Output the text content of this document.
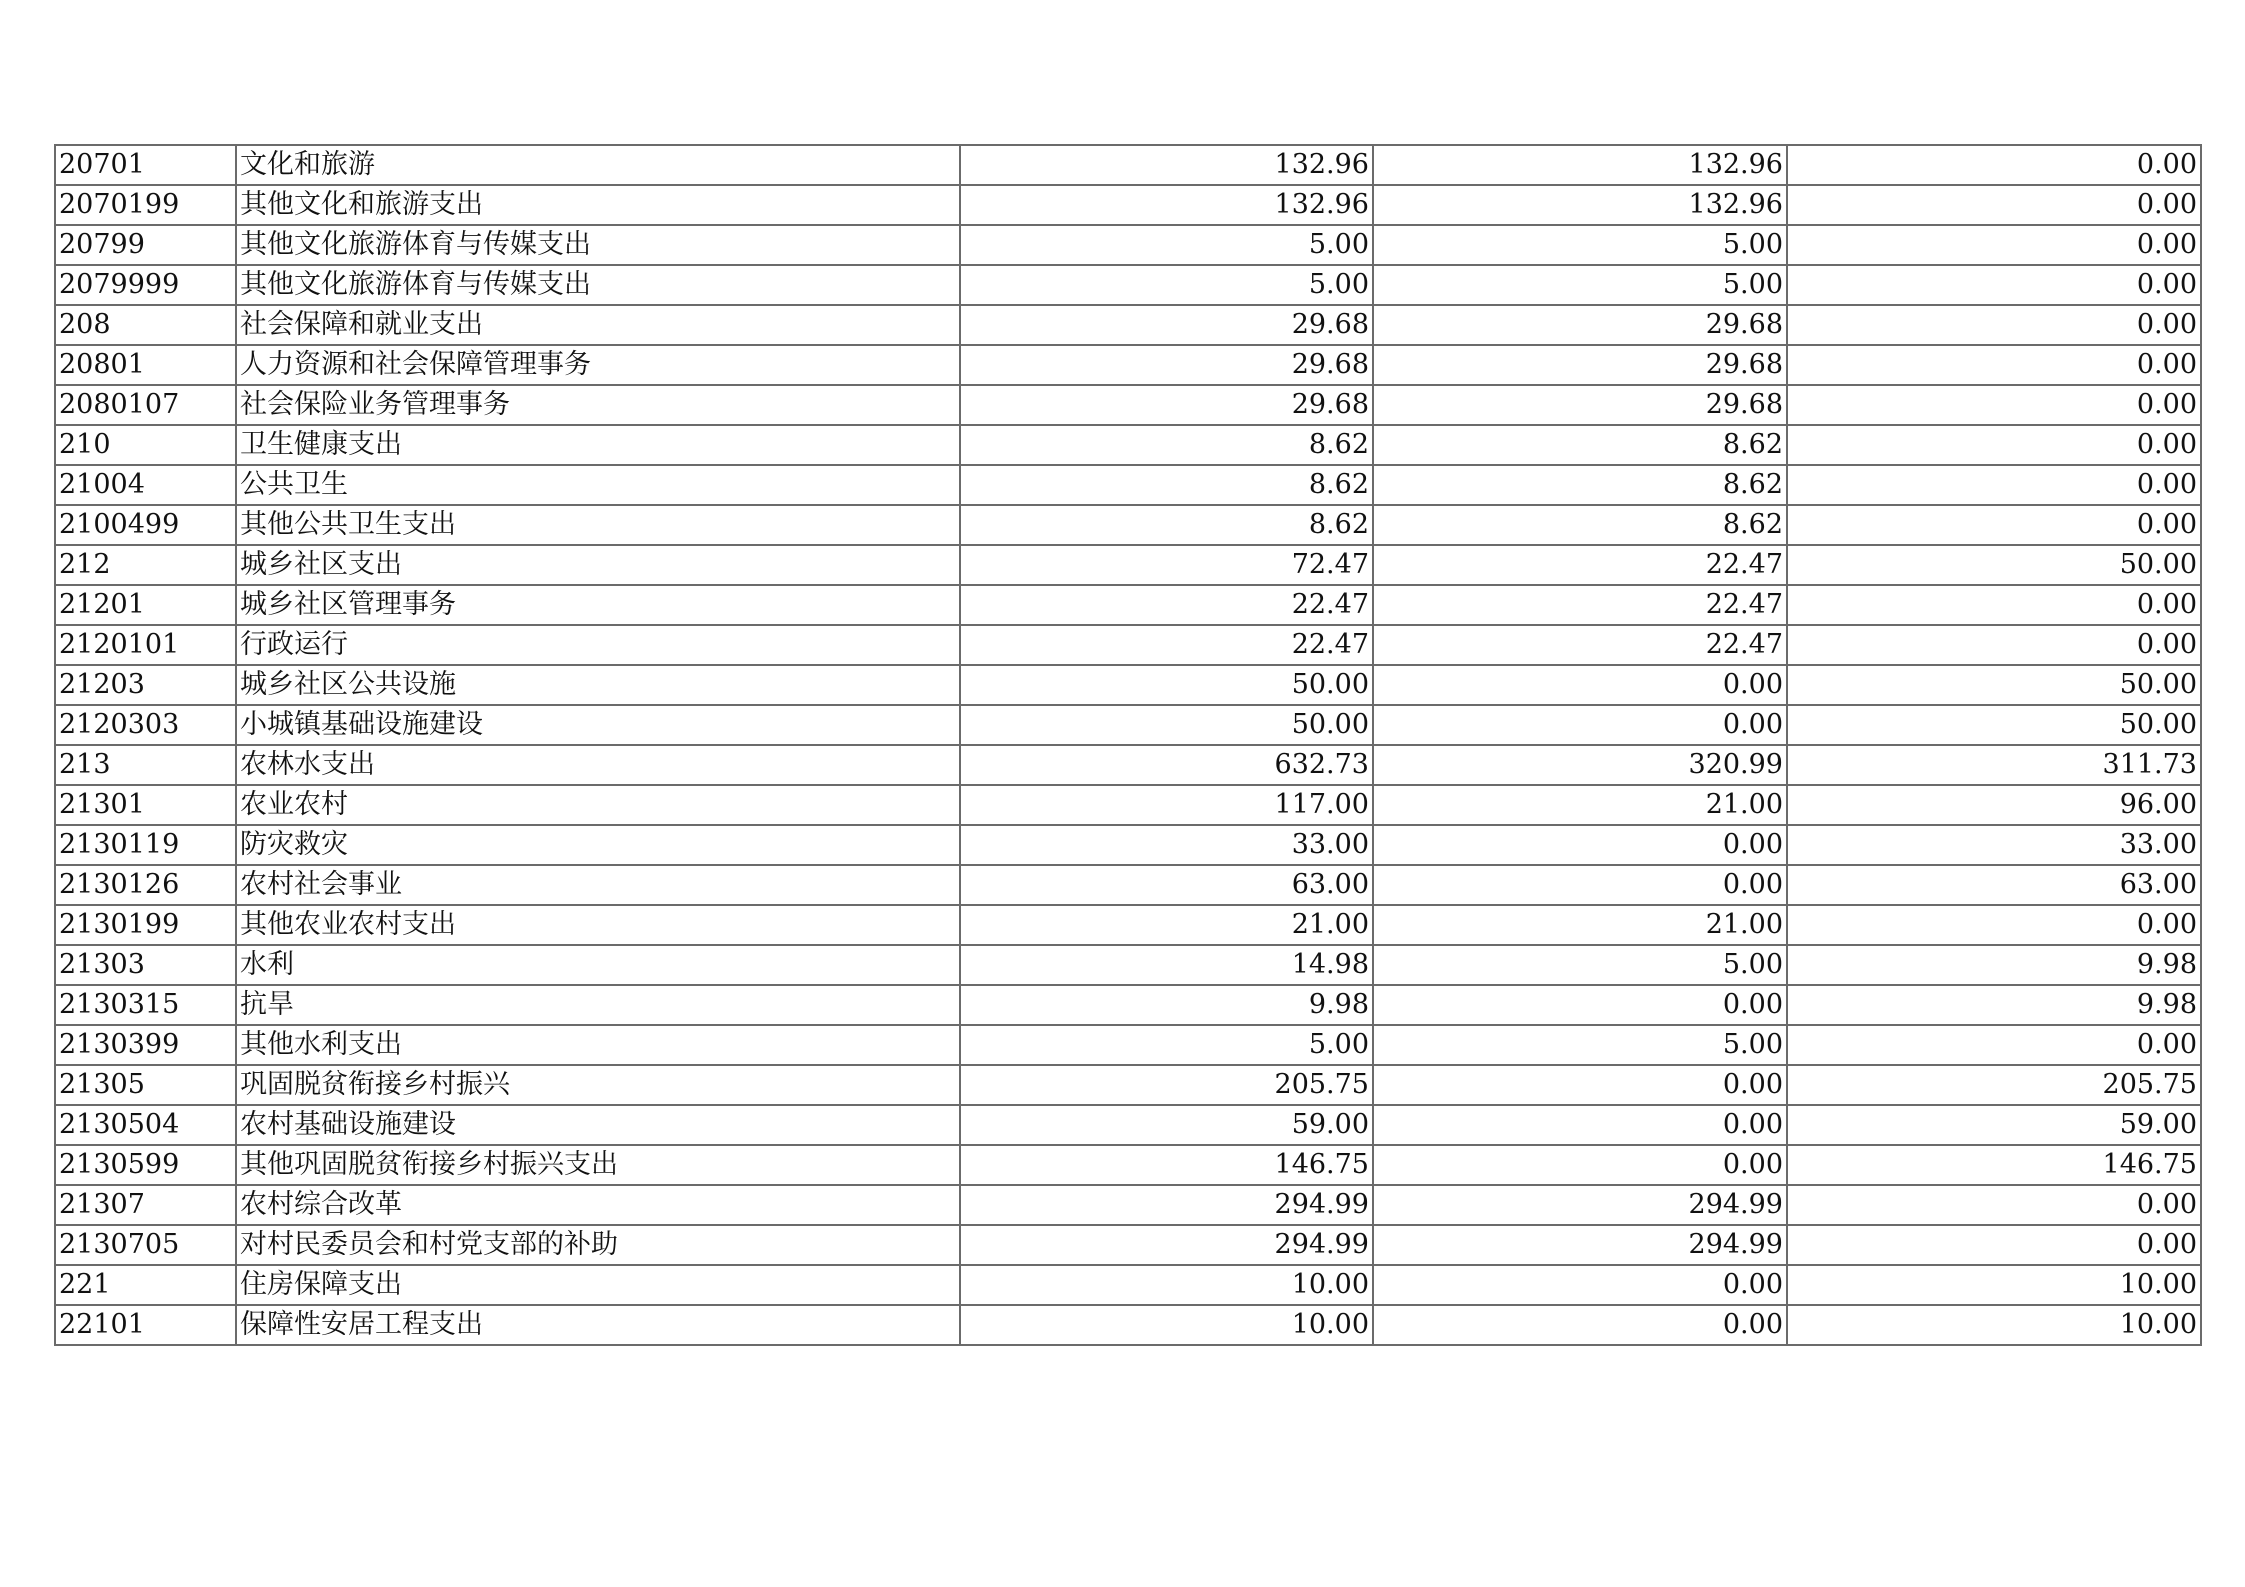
20701	文化和旅游	132.96	132.96	0.00
2070199	其他文化和旅游支出	132.96	132.96	0.00
20799	其他文化旅游体育与传媒支出	5.00	5.00	0.00
2079999	其他文化旅游体育与传媒支出	5.00	5.00	0.00
208	社会保障和就业支出	29.68	29.68	0.00
20801	人力资源和社会保障管理事务	29.68	29.68	0.00
2080107	社会保险业务管理事务	29.68	29.68	0.00
210	卫生健康支出	8.62	8.62	0.00
21004	公共卫生	8.62	8.62	0.00
2100499	其他公共卫生支出	8.62	8.62	0.00
212	城乡社区支出	72.47	22.47	50.00
21201	城乡社区管理事务	22.47	22.47	0.00
2120101	行政运行	22.47	22.47	0.00
21203	城乡社区公共设施	50.00	0.00	50.00
2120303	小城镇基础设施建设	50.00	0.00	50.00
213	农林水支出	632.73	320.99	311.73
21301	农业农村	117.00	21.00	96.00
2130119	防灾救灾	33.00	0.00	33.00
2130126	农村社会事业	63.00	0.00	63.00
2130199	其他农业农村支出	21.00	21.00	0.00
21303	水利	14.98	5.00	9.98
2130315	抗旱	9.98	0.00	9.98
2130399	其他水利支出	5.00	5.00	0.00
21305	巩固脱贫衔接乡村振兴	205.75	0.00	205.75
2130504	农村基础设施建设	59.00	0.00	59.00
2130599	其他巩固脱贫衔接乡村振兴支出	146.75	0.00	146.75
21307	农村综合改革	294.99	294.99	0.00
2130705	对村民委员会和村党支部的补助	294.99	294.99	0.00
221	住房保障支出	10.00	0.00	10.00
22101	保障性安居工程支出	10.00	0.00	10.00
